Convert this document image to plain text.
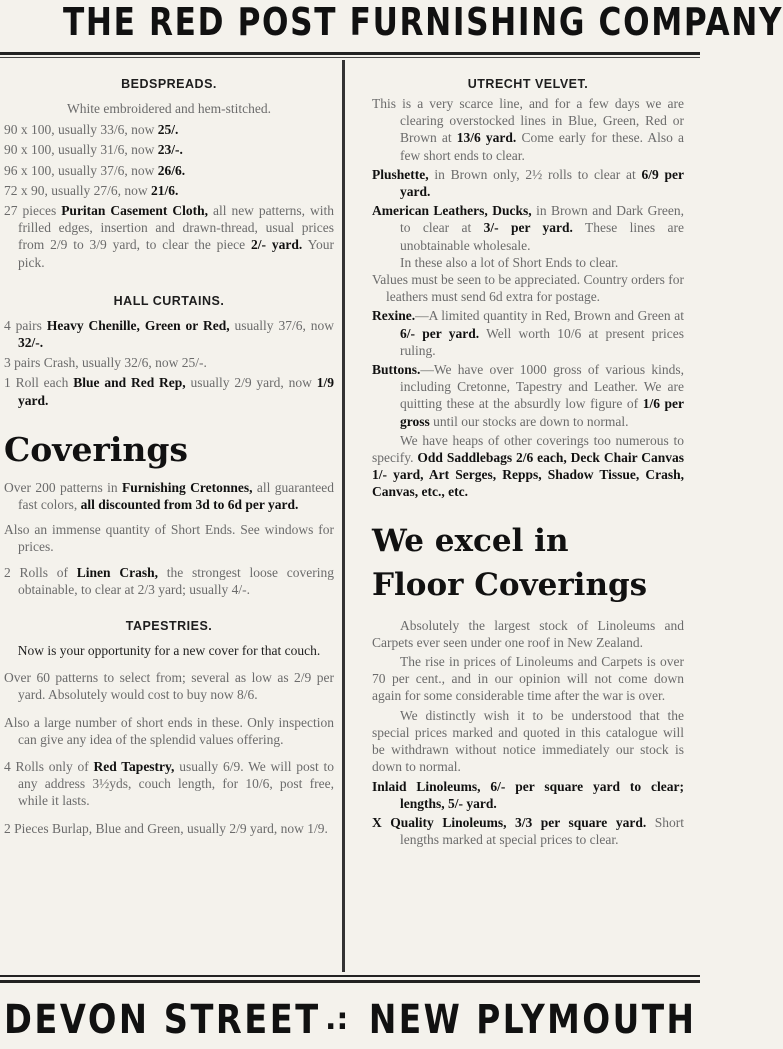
THE RED POST FURNISHING COMPANY

BEDSPREADS.

White embroidered and hem-stitched.

90 x 100, usually 33/6, now 25/.

90 x 100, usually 31/6, now 23/-.

96 x 100, usually 37/6, now 26/6.

72 x 90, usually 27/6, now 21/6.

27 pieces Puritan Casement Cloth, all new patterns, with frilled edges, insertion and drawn-thread, usual prices from 2/9 to 3/9 yard, to clear the piece 2/- yard. Your pick.

HALL CURTAINS.

4 pairs Heavy Chenille, Green or Red, usually 37/6, now 32/-.

3 pairs Crash, usually 32/6, now 25/-.

1 Roll each Blue and Red Rep, usually 2/9 yard, now 1/9 yard.

Coverings

Over 200 patterns in Furnishing Cretonnes, all guaranteed fast colors, all discounted from 3d to 6d per yard.

Also an immense quantity of Short Ends. See windows for prices.

2 Rolls of Linen Crash, the strongest loose covering obtainable, to clear at 2/3 yard; usually 4/-.

TAPESTRIES.

Now is your opportunity for a new cover for that couch.

Over 60 patterns to select from; several as low as 2/9 per yard. Absolutely would cost to buy now 8/6.

Also a large number of short ends in these. Only inspection can give any idea of the splendid values offering.

4 Rolls only of Red Tapestry, usually 6/9. We will post to any address 3½yds, couch length, for 10/6, post free, while it lasts.

2 Pieces Burlap, Blue and Green, usually 2/9 yard, now 1/9.

UTRECHT VELVET.

This is a very scarce line, and for a few days we are clearing overstocked lines in Blue, Green, Red or Brown at 13/6 yard. Come early for these. Also a few short ends to clear.

Plushette, in Brown only, 2½ rolls to clear at 6/9 per yard.

American Leathers, Ducks, in Brown and Dark Green, to clear at 3/- per yard. These lines are unobtainable wholesale.

In these also a lot of Short Ends to clear.

Values must be seen to be appreciated. Country orders for leathers must send 6d extra for postage.

Rexine.—A limited quantity in Red, Brown and Green at 6/- per yard. Well worth 10/6 at present prices ruling.

Buttons.—We have over 1000 gross of various kinds, including Cretonne, Tapestry and Leather. We are quitting these at the absurdly low figure of 1/6 per gross until our stocks are down to normal.

We have heaps of other coverings too numerous to specify. Odd Saddlebags 2/6 each, Deck Chair Canvas 1/- yard, Art Serges, Repps, Shadow Tissue, Crash, Canvas, etc., etc.

We excel in

Floor Coverings

Absolutely the largest stock of Linoleums and Carpets ever seen under one roof in New Zealand.

The rise in prices of Linoleums and Carpets is over 70 per cent., and in our opinion will not come down again for some considerable time after the war is over.

We distinctly wish it to be understood that the special prices marked and quoted in this catalogue will be withdrawn without notice immediately our stock is down to normal.

Inlaid Linoleums, 6/- per square yard to clear; lengths, 5/- yard.

X Quality Linoleums, 3/3 per square yard. Short lengths marked at special prices to clear.

DEVON STREET .: NEW PLYMOUTH
